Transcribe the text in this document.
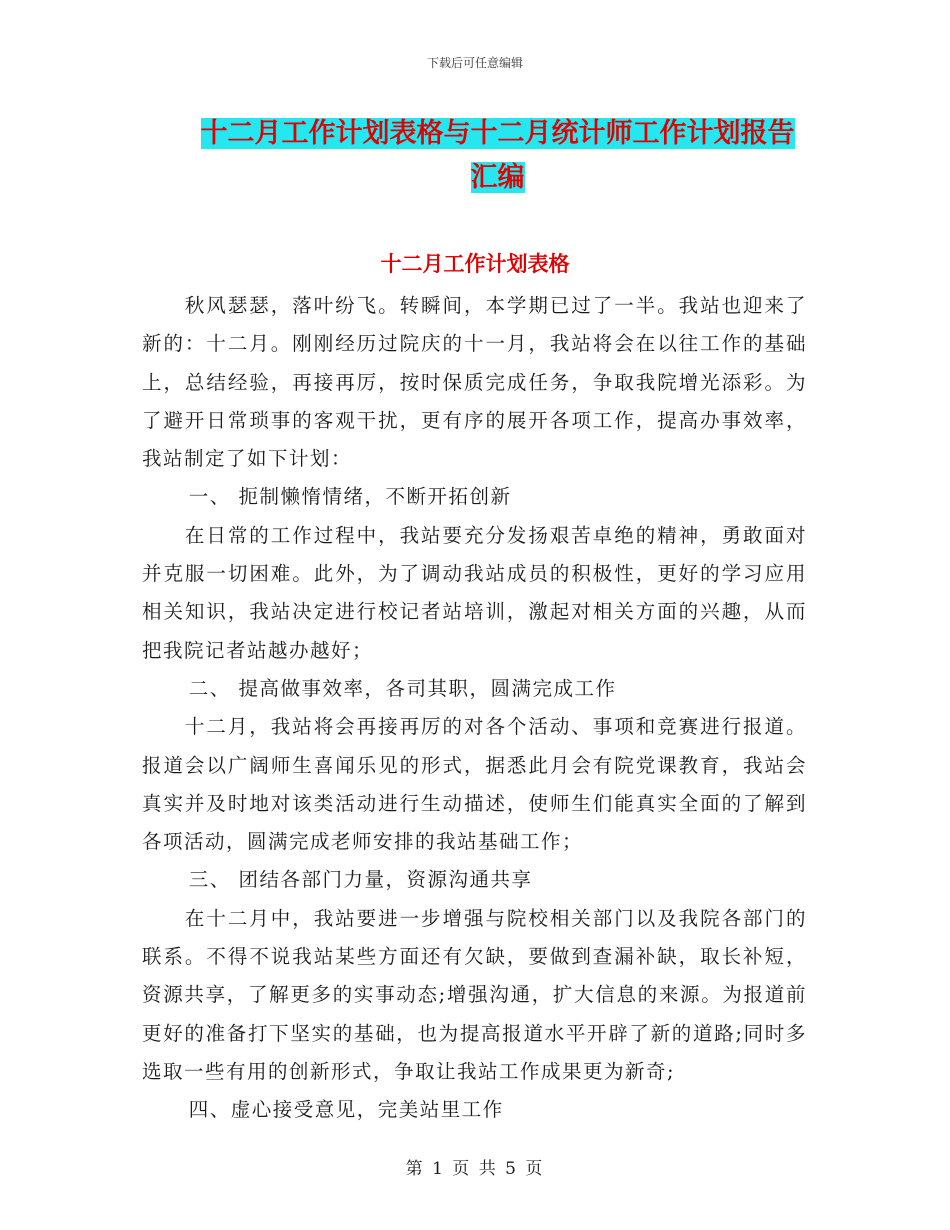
下载后可任意编辑
十二月工作计划表格与十二月统计师工作计划报告汇编
十二月工作计划表格

秋风瑟瑟，落叶纷飞。转瞬间，本学期已过了一半。我站也迎来了新的：十二月。刚刚经历过院庆的十一月，我站将会在以往工作的基础上，总结经验，再接再厉，按时保质完成任务，争取我院增光添彩。为了避开日常琐事的客观干扰，更有序的展开各项工作，提高办事效率，我站制定了如下计划：

一、 扼制懒惰情绪，不断开拓创新

在日常的工作过程中，我站要充分发扬艰苦卓绝的精神，勇敢面对并克服一切困难。此外，为了调动我站成员的积极性，更好的学习应用相关知识，我站决定进行校记者站培训，激起对相关方面的兴趣，从而把我院记者站越办越好；

二、 提高做事效率，各司其职，圆满完成工作

十二月，我站将会再接再厉的对各个活动、事项和竞赛进行报道。报道会以广阔师生喜闻乐见的形式，据悉此月会有院党课教育，我站会真实并及时地对该类活动进行生动描述，使师生们能真实全面的了解到各项活动，圆满完成老师安排的我站基础工作；

三、 团结各部门力量，资源沟通共享

在十二月中，我站要进一步增强与院校相关部门以及我院各部门的联系。不得不说我站某些方面还有欠缺，要做到查漏补缺，取长补短，资源共享，了解更多的实事动态;增强沟通，扩大信息的来源。为报道前更好的准备打下坚实的基础，也为提高报道水平开辟了新的道路;同时多选取一些有用的创新形式，争取让我站工作成果更为新奇;

四、虚心接受意见，完美站里工作

第 1 页 共 5 页
